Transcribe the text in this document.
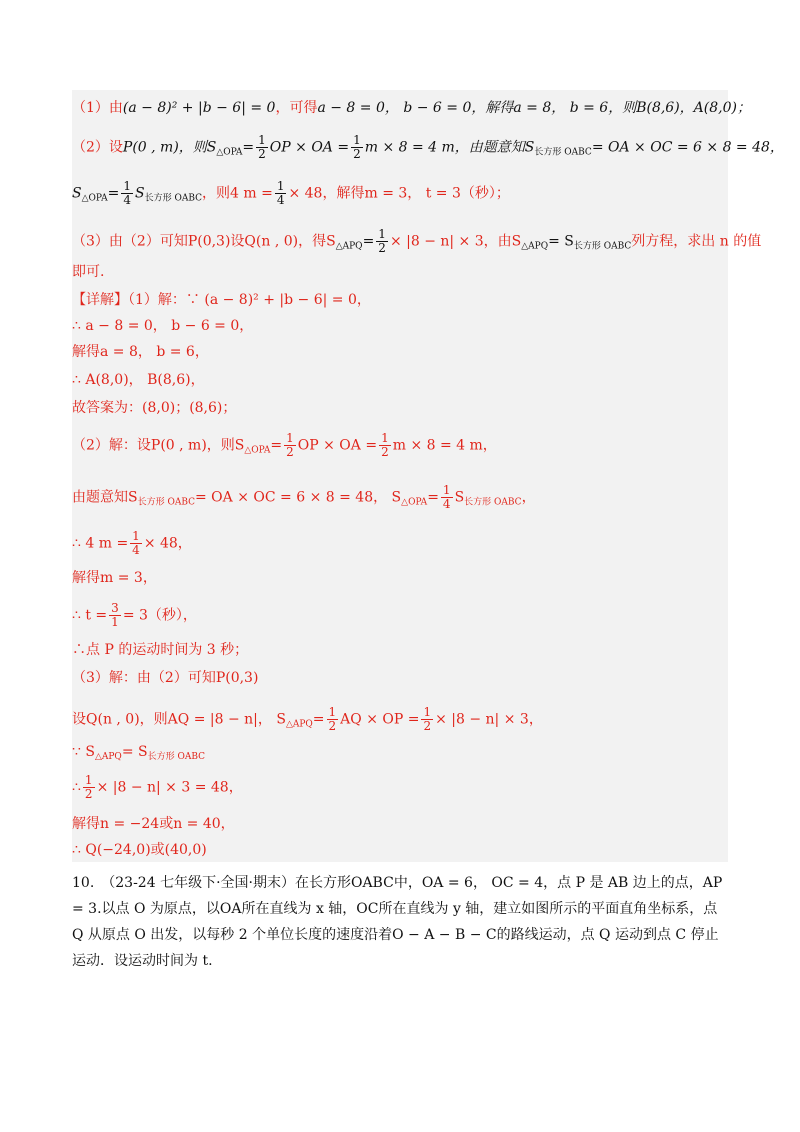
（1）由(a − 8)² + |b − 6| = 0，可得a − 8 = 0， b − 6 = 0，解得a = 8， b = 6，则B(8,6)，A(8,0)；
（2）设P(0 , m)，则$S_{\triangle OPA}= \frac{1}{2}$ OP × OA = $\frac{1}{2}$ m × 8 = 4 m，由题意知$S_{长方形 OABC}=$ OA × OC = 6 × 8 = 48，
$S_{\triangle OPA}= \frac{1}{4} S_{长方形 OABC}$，则4 $m = \frac{1}{4} \times 48$，解得m = 3， t = 3（秒）；
（3）由（2）可知P(0,3)设Q(n , 0)，得$S_{\triangle APQ}= \frac{1}{2} \times |8 - n| \times 3$，由$S_{\triangle APQ}= S_{长方形 OABC}$列方程，求出 n 的值
即可.
【详解】（1）解：∵ (a − 8)² + |b − 6| = 0，
∴ a − 8 = 0， b − 6 = 0，
解得a = 8， b = 6，
∴ A(8,0)， B(8,6)，
故答案为：(8,0)；(8,6)；
（2）解：设P(0 , m)，则$S_{\triangle OPA}= \frac{1}{2}$ OP × OA = $\frac{1}{2}$ m × 8 = 4 m，
由题意知$S_{长方形 OABC}=$ OA × OC = 6 × 8 = 48， $S_{\triangle OPA}= \frac{1}{4} S_{长方形 OABC}$，
∴ 4 $m = \frac{1}{4} \times 48$，
解得m = 3，
∴ $t = \frac{3}{1} = 3$（秒），
∴点 P 的运动时间为 3 秒；
（3）解：由（2）可知P(0,3)
设Q(n , 0)，则AQ = |8 − n|， $S_{\triangle APQ}= \frac{1}{2}$ AQ × OP = $\frac{1}{2} \times |8 - n| \times 3$，
∵ $S_{\triangle APQ}= S_{长方形 OABC}$
∴ $\frac{1}{2} \times |8 - n| \times 3 = 48$，
解得n = −24或n = 40，
∴ Q(−24,0)或(40,0)
10.　（23-24 七年级下·全国·期末）在长方形OABC中，OA = 6， OC = 4，点 P 是 AB 边上的点，AP = 3.以点 O 为原点，以OA所在直线为 x 轴，OC所在直线为 y 轴，建立如图所示的平面直角坐标系，点 Q 从原点 O 出发，以每秒 2 个单位长度的速度沿着O − A − B − C的路线运动，点 Q 运动到点 C 停止运动．设运动时间为 t.
